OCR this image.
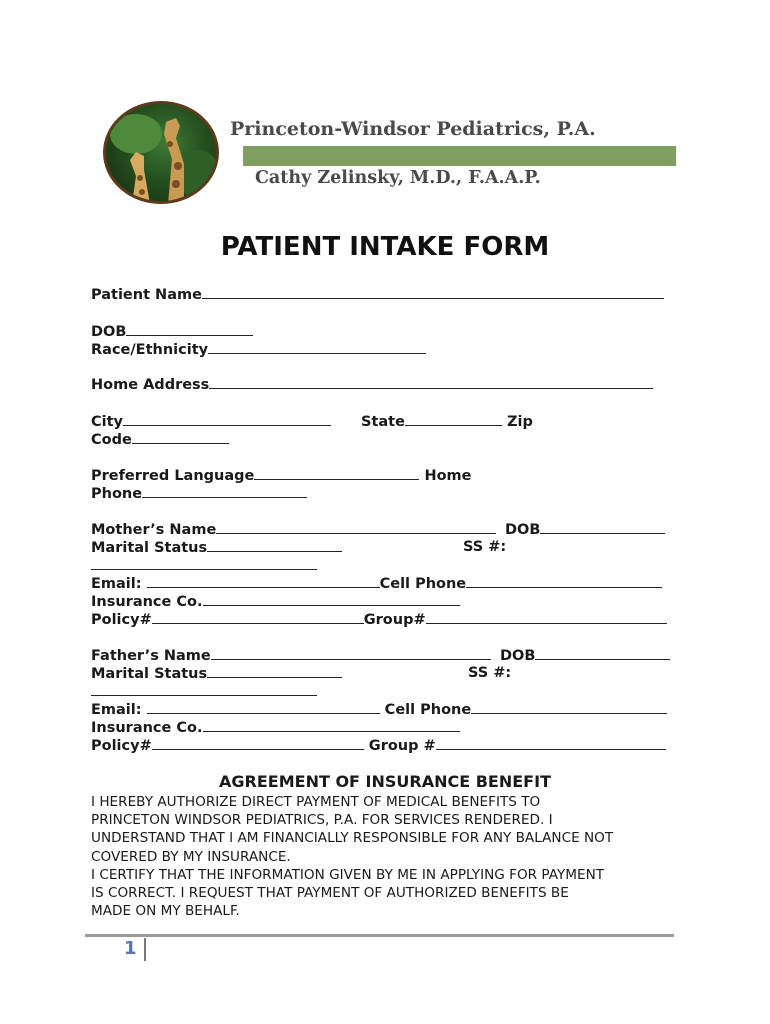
Princeton-Windsor Pediatrics, P.A.
Cathy Zelinsky, M.D., F.A.A.P.
PATIENT INTAKE FORM
Patient Name
DOB
Race/Ethnicity
Home Address
City	State	Zip
Code
Preferred Language	Home
Phone
Mother’s Name	DOB
Marital Status	SS #:
Email:	Cell Phone
Insurance Co.
Policy#	Group#
Father’s Name	DOB
Marital Status	SS #:
Email:	Cell Phone
Insurance Co.
Policy#	Group #
AGREEMENT OF INSURANCE BENEFIT
I HEREBY AUTHORIZE DIRECT PAYMENT OF MEDICAL BENEFITS TO
PRINCETON WINDSOR PEDIATRICS, P.A. FOR SERVICES RENDERED. I
UNDERSTAND THAT I AM FINANCIALLY RESPONSIBLE FOR ANY BALANCE NOT
COVERED BY MY INSURANCE.
I CERTIFY THAT THE INFORMATION GIVEN BY ME IN APPLYING FOR PAYMENT
IS CORRECT. I REQUEST THAT PAYMENT OF AUTHORIZED BENEFITS BE
MADE ON MY BEHALF.
1
